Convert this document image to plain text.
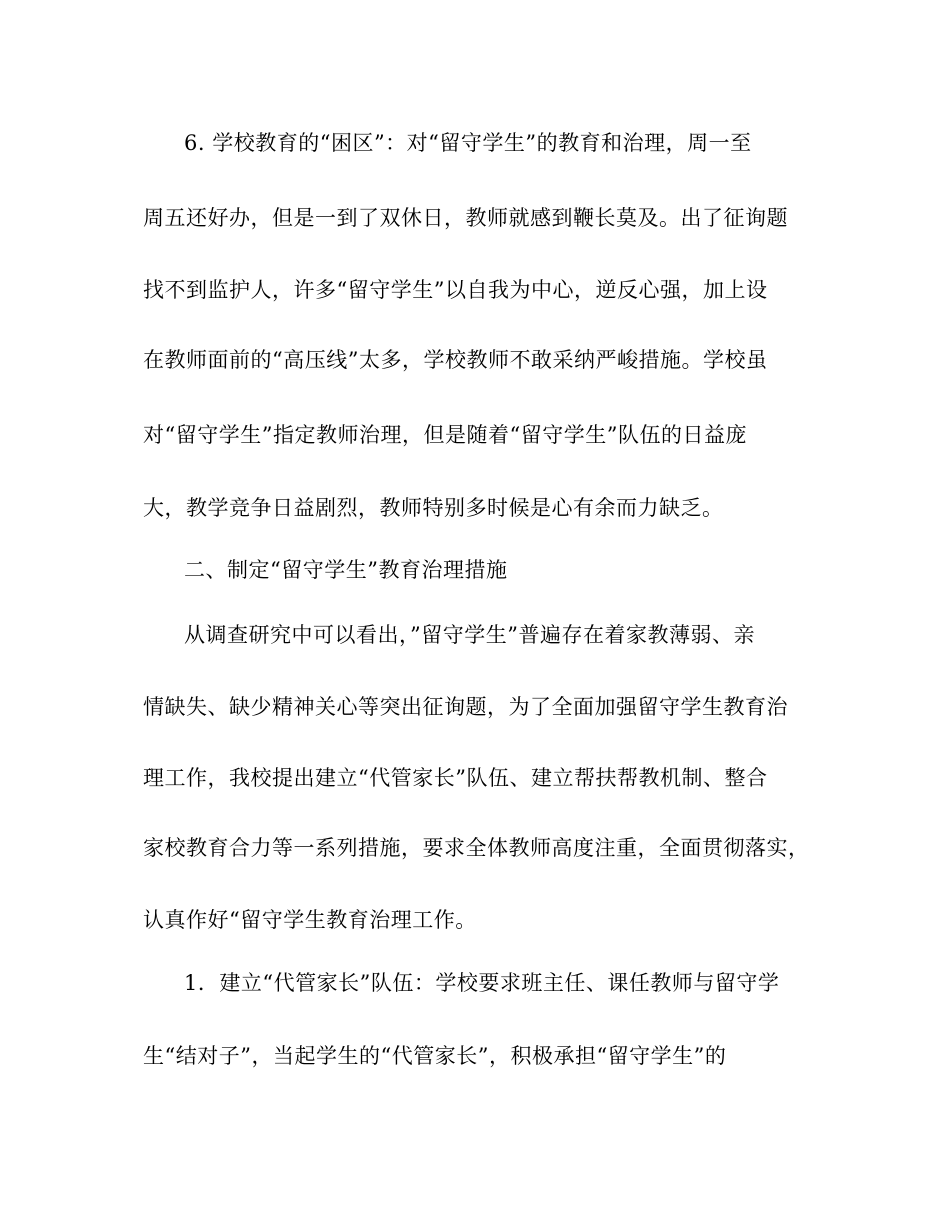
6. 学校教育的“困区”：对“留守学生”的教育和治理，周一至
周五还好办，但是一到了双休日，教师就感到鞭长莫及。出了征询题
找不到监护人，许多“留守学生”以自我为中心，逆反心强，加上设
在教师面前的“高压线”太多，学校教师不敢采纳严峻措施。学校虽
对“留守学生”指定教师治理，但是随着“留守学生”队伍的日益庞
大，教学竞争日益剧烈，教师特别多时候是心有余而力缺乏。
二、制定“留守学生”教育治理措施
从调查研究中可以看出，”留守学生”普遍存在着家教薄弱、亲
情缺失、缺少精神关心等突出征询题，为了全面加强留守学生教育治
理工作，我校提出建立“代管家长”队伍、建立帮扶帮教机制、整合
家校教育合力等一系列措施，要求全体教师高度注重，全面贯彻落实，
认真作好“留守学生教育治理工作。
1．建立“代管家长”队伍：学校要求班主任、课任教师与留守学
生“结对子”，当起学生的“代管家长”，积极承担“留守学生”的
